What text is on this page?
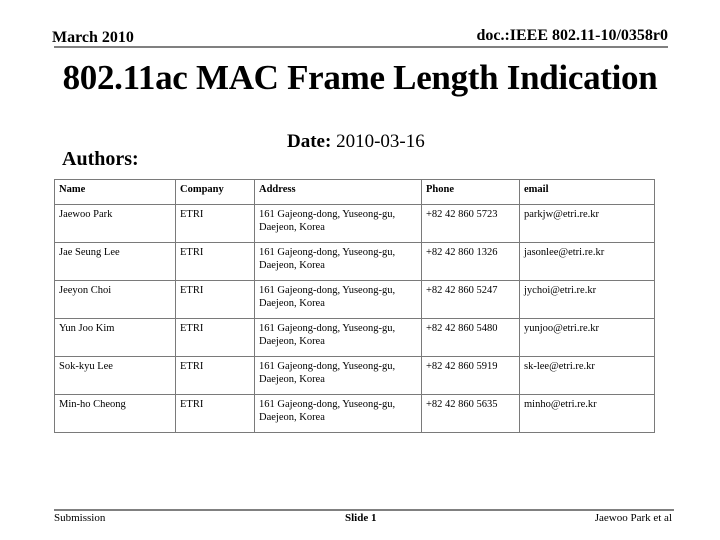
March 2010	doc.:IEEE 802.11-10/0358r0
802.11ac MAC Frame Length Indication
Date: 2010-03-16
Authors:
Name	Company	Address	Phone	email
Jaewoo Park	ETRI	161 Gajeong-dong, Yuseong-gu, Daejeon, Korea	+82 42 860 5723	parkjw@etri.re.kr
Jae Seung Lee	ETRI	161 Gajeong-dong, Yuseong-gu, Daejeon, Korea	+82 42 860 1326	jasonlee@etri.re.kr
Jeeyon Choi	ETRI	161 Gajeong-dong, Yuseong-gu, Daejeon, Korea	+82 42 860 5247	jychoi@etri.re.kr
Yun Joo Kim	ETRI	161 Gajeong-dong, Yuseong-gu, Daejeon, Korea	+82 42 860 5480	yunjoo@etri.re.kr
Sok-kyu Lee	ETRI	161 Gajeong-dong, Yuseong-gu, Daejeon, Korea	+82 42 860 5919	sk-lee@etri.re.kr
Min-ho Cheong	ETRI	161 Gajeong-dong, Yuseong-gu, Daejeon, Korea	+82 42 860 5635	minho@etri.re.kr
Submission	Slide 1	Jaewoo Park et al
